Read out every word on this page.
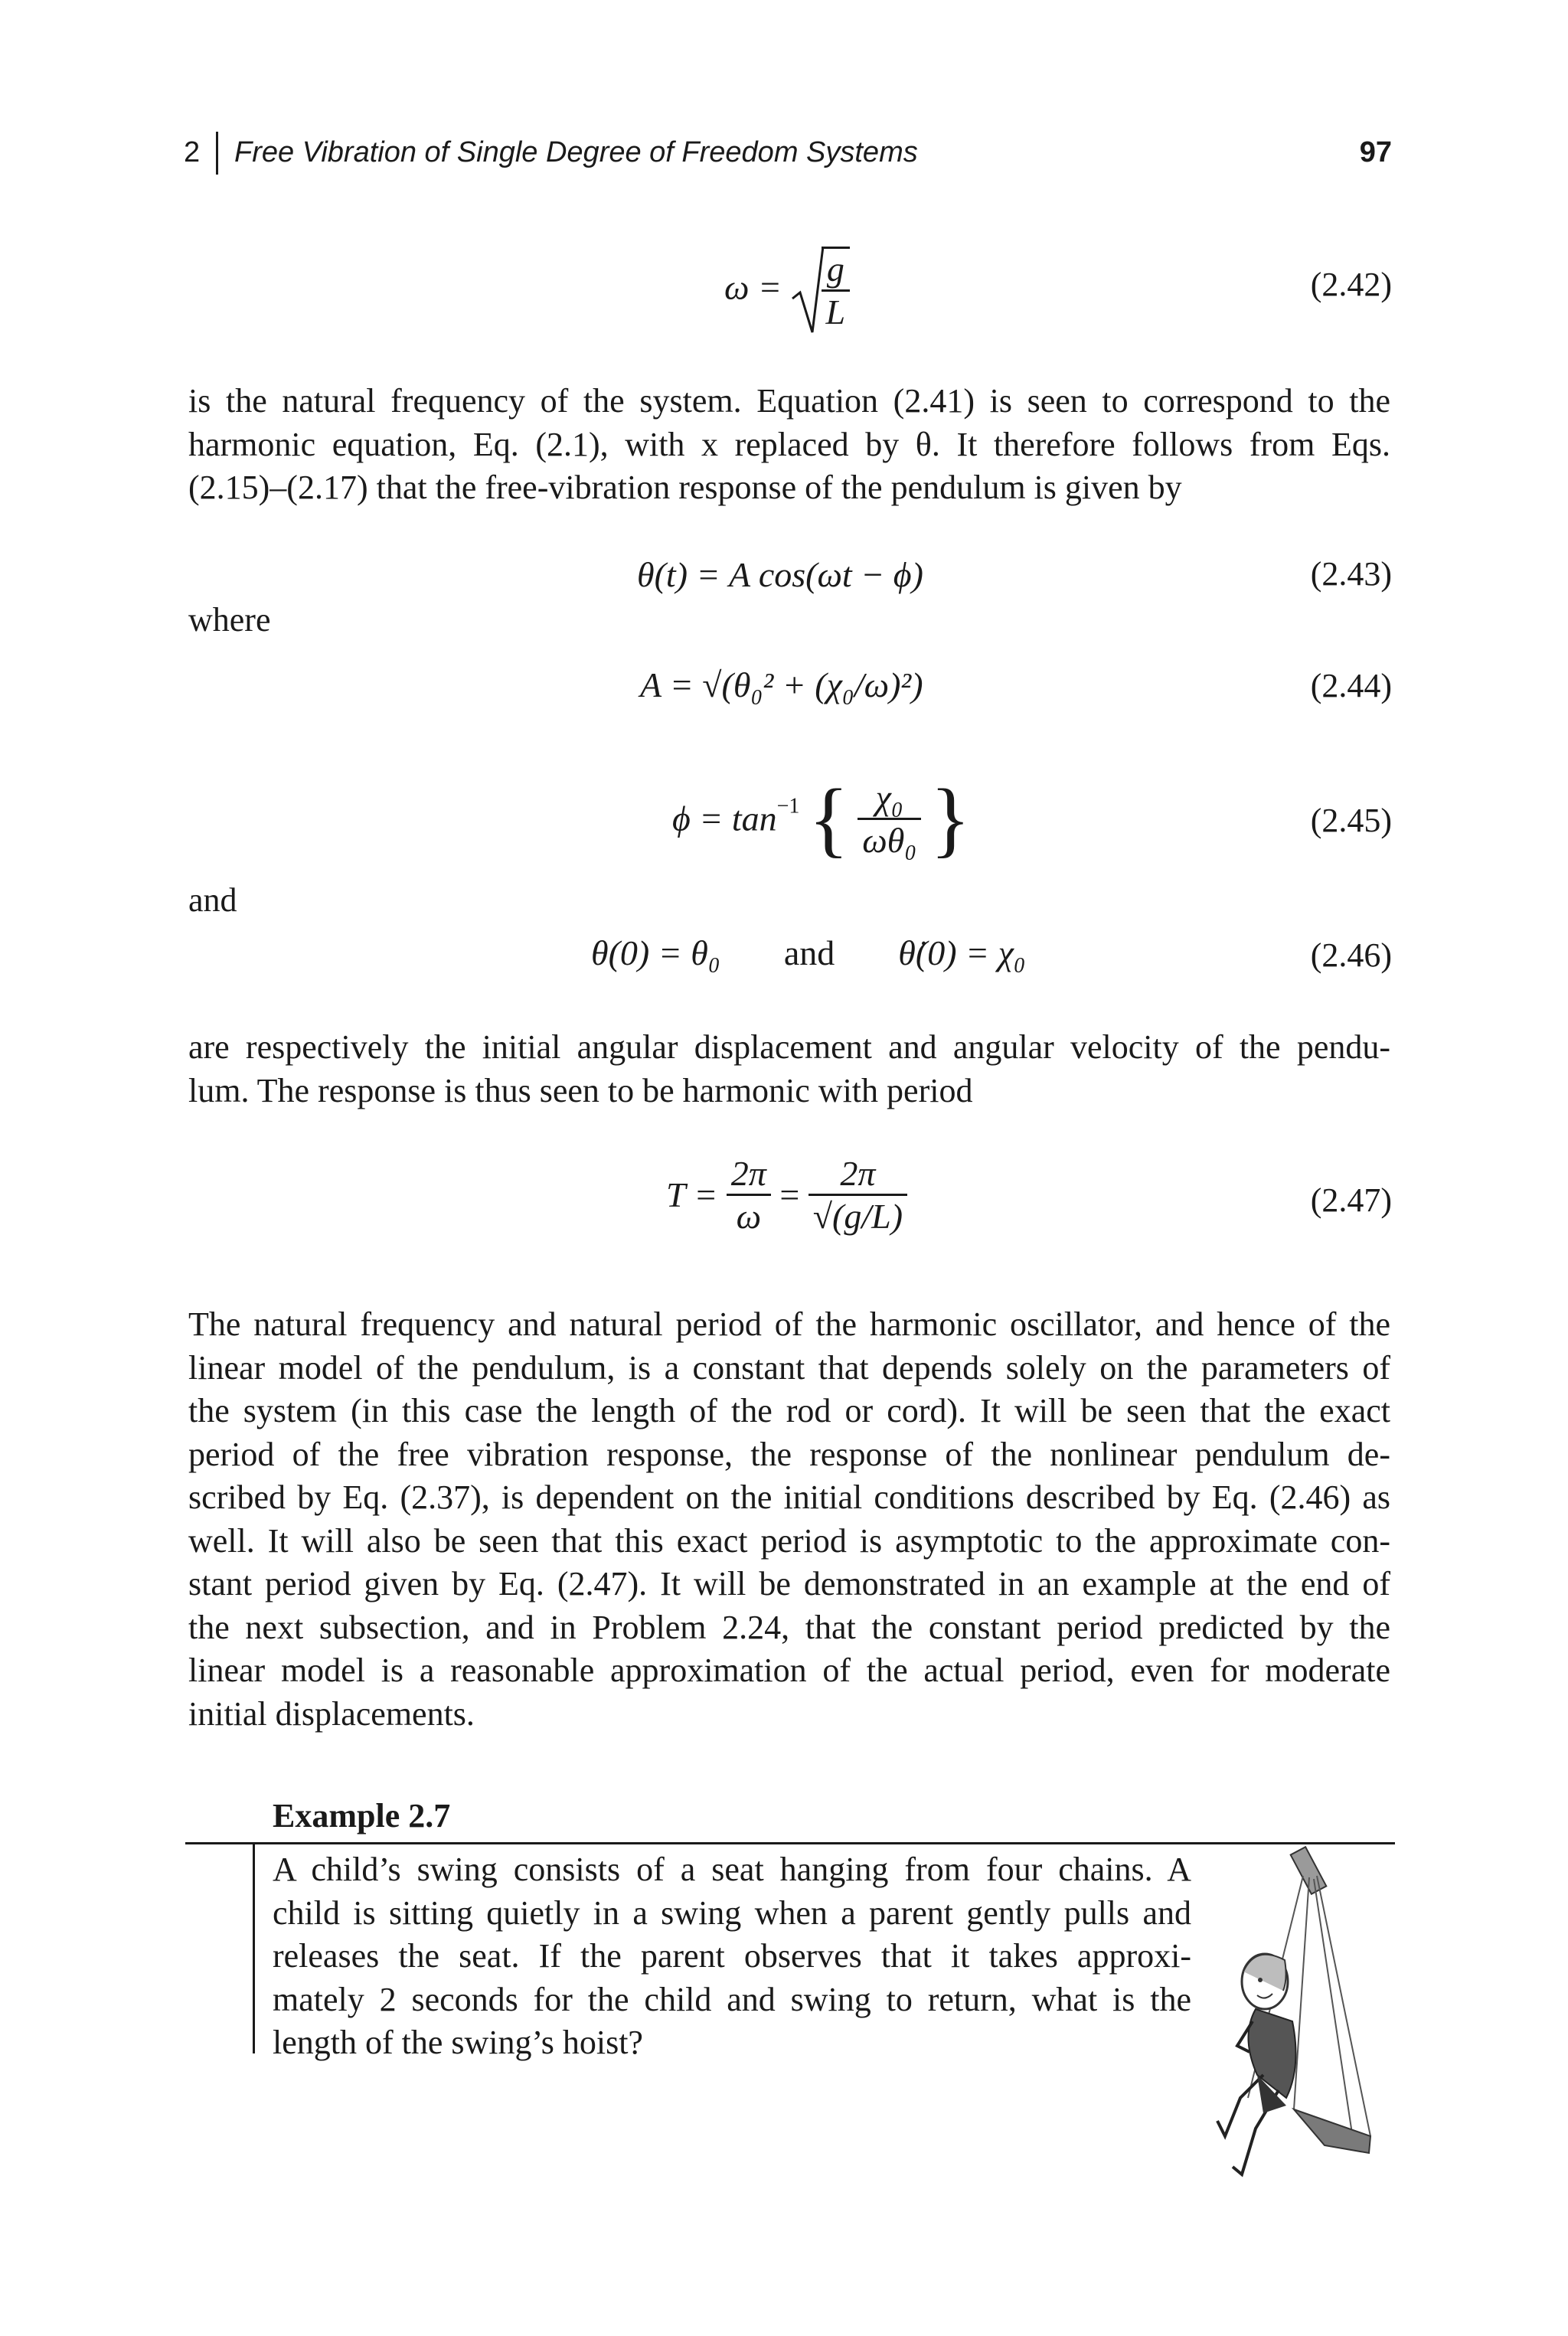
2 Free Vibration of Single Degree of Freedom Systems	97
$\omega = \frac{g}{L}$	(2.42)
is the natural frequency of the system. Equation (2.41) is seen to correspond to the
harmonic equation, Eq. (2.1), with x replaced by θ. It therefore follows from Eqs.
(2.15)–(2.17) that the free-vibration response of the pendulum is given by
θ(t) = A cos(ωt − ϕ)	(2.43)
where
A = √(θ₀² + (χ₀/ω)²)	(2.44)
$\phi = \tan^{-1}$ { $\frac{\text{χ₀}}{\text{ωθ₀}}$ }	(2.45)
and
θ(0) = θ₀ and θ̇(0) = χ₀	(2.46)
are respectively the initial angular displacement and angular velocity of the pendu-
lum. The response is thus seen to be harmonic with period
$T = \frac{2\pi}{\omega} = \frac{2\pi}{√(g/L)}$	(2.47)
The natural frequency and natural period of the harmonic oscillator, and hence of the
linear model of the pendulum, is a constant that depends solely on the parameters of
the system (in this case the length of the rod or cord). It will be seen that the exact
period of the free vibration response, the response of the nonlinear pendulum de-
scribed by Eq. (2.37), is dependent on the initial conditions described by Eq. (2.46) as
well. It will also be seen that this exact period is asymptotic to the approximate con-
stant period given by Eq. (2.47). It will be demonstrated in an example at the end of
the next subsection, and in Problem 2.24, that the constant period predicted by the
linear model is a reasonable approximation of the actual period, even for moderate
initial displacements.
Example 2.7
A child’s swing consists of a seat hanging from four chains. A
child is sitting quietly in a swing when a parent gently pulls and
releases the seat. If the parent observes that it takes approxi-
mately 2 seconds for the child and swing to return, what is the
length of the swing’s hoist?
